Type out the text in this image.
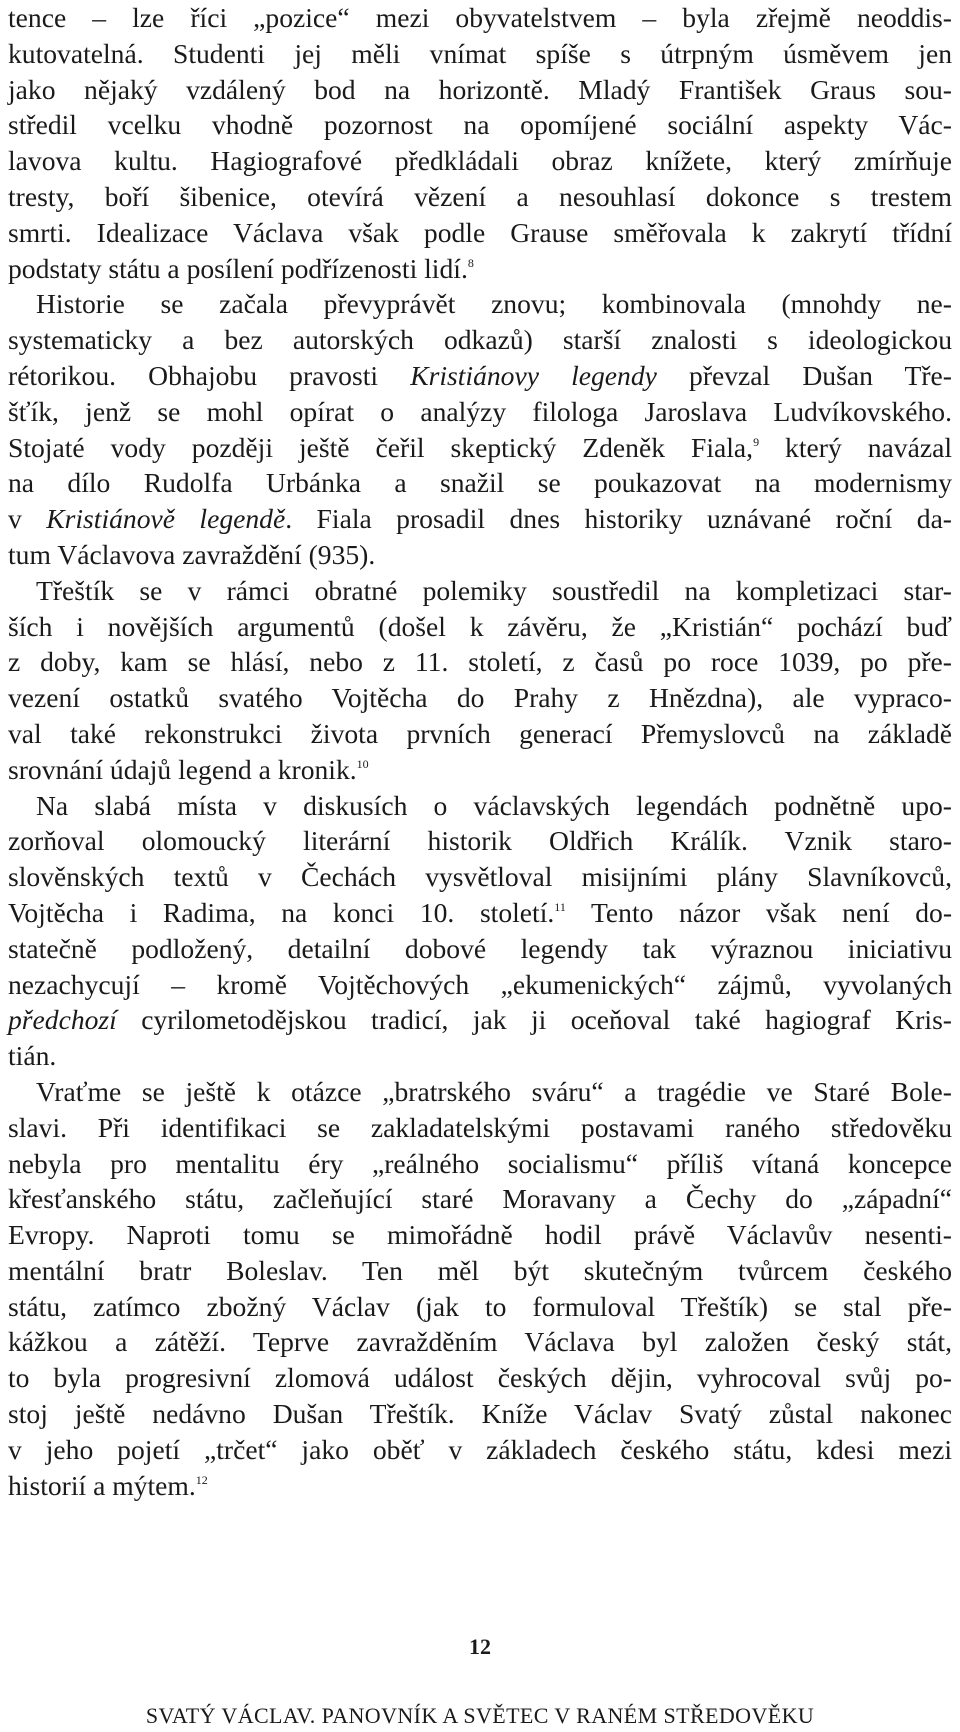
tence – lze říci „pozice“ mezi obyvatelstvem – byla zřejmě neoddis-
kutovatelná. Studenti jej měli vnímat spíše s útrpným úsměvem jen
jako nějaký vzdálený bod na horizontě. Mladý František Graus sou-
středil vcelku vhodně pozornost na opomíjené sociální aspekty Vác-
lavova kultu. Hagiografové předkládali obraz knížete, který zmírňuje
tresty, boří šibenice, otevírá vězení a nesouhlasí dokonce s trestem
smrti. Idealizace Václava však podle Grause směřovala k zakrytí třídní
podstaty státu a posílení podřízenosti lidí.$^8$
Historie se začala převyprávět znovu; kombinovala (mnohdy ne-
systematicky a bez autorských odkazů) starší znalosti s ideologickou
rétorikou. Obhajobu pravosti Kristiánovy legendy převzal Dušan Tře-
šťík, jenž se mohl opírat o analýzy filologa Jaroslava Ludvíkovského.
Stojaté vody později ještě čeřil skeptický Zdeněk Fiala,$^9$ který navázal
na dílo Rudolfa Urbánka a snažil se poukazovat na modernismy
v Kristiánově legendě. Fiala prosadil dnes historiky uznávané roční da-
tum Václavova zavraždění (935).
Třeštík se v rámci obratné polemiky soustředil na kompletizaci star-
ších i novějších argumentů (došel k závěru, že „Kristián“ pochází buď
z doby, kam se hlásí, nebo z 11. století, z časů po roce 1039, po pře-
vezení ostatků svatého Vojtěcha do Prahy z Hnězdna), ale vypraco-
val také rekonstrukci života prvních generací Přemyslovců na základě
srovnání údajů legend a kronik.$^{10}$
Na slabá místa v diskusích o václavských legendách podnětně upo-
zorňoval olomoucký literární historik Oldřich Králík. Vznik staro-
slověnských textů v Čechách vysvětloval misijními plány Slavníkovců,
Vojtěcha i Radima, na konci 10. století.$^{11}$ Tento názor však není do-
statečně podložený, detailní dobové legendy tak výraznou iniciativu
nezachycují – kromě Vojtěchových „ekumenických“ zájmů, vyvolaných
předchozí cyrilometodějskou tradicí, jak ji oceňoval také hagiograf Kris-
tián.
Vraťme se ještě k otázce „bratrského sváru“ a tragédie ve Staré Bole-
slavi. Při identifikaci se zakladatelskými postavami raného středověku
nebyla pro mentalitu éry „reálného socialismu“ příliš vítaná koncepce
křesťanského státu, začleňující staré Moravany a Čechy do „západní“
Evropy. Naproti tomu se mimořádně hodil právě Václavův nesenti-
mentální bratr Boleslav. Ten měl být skutečným tvůrcem českého
státu, zatímco zbožný Václav (jak to formuloval Třeštík) se stal pře-
kážkou a zátěží. Teprve zavražděním Václava byl založen český stát,
to byla progresivní zlomová událost českých dějin, vyhrocoval svůj po-
stoj ještě nedávno Dušan Třeštík. Kníže Václav Svatý zůstal nakonec
v jeho pojetí „trčet“ jako oběť v základech českého státu, kdesi mezi
historií a mýtem.$^{12}$
12
SVATÝ VÁCLAV. PANOVNÍK A SVĚTEC V RANÉM STŘEDOVĚKU
